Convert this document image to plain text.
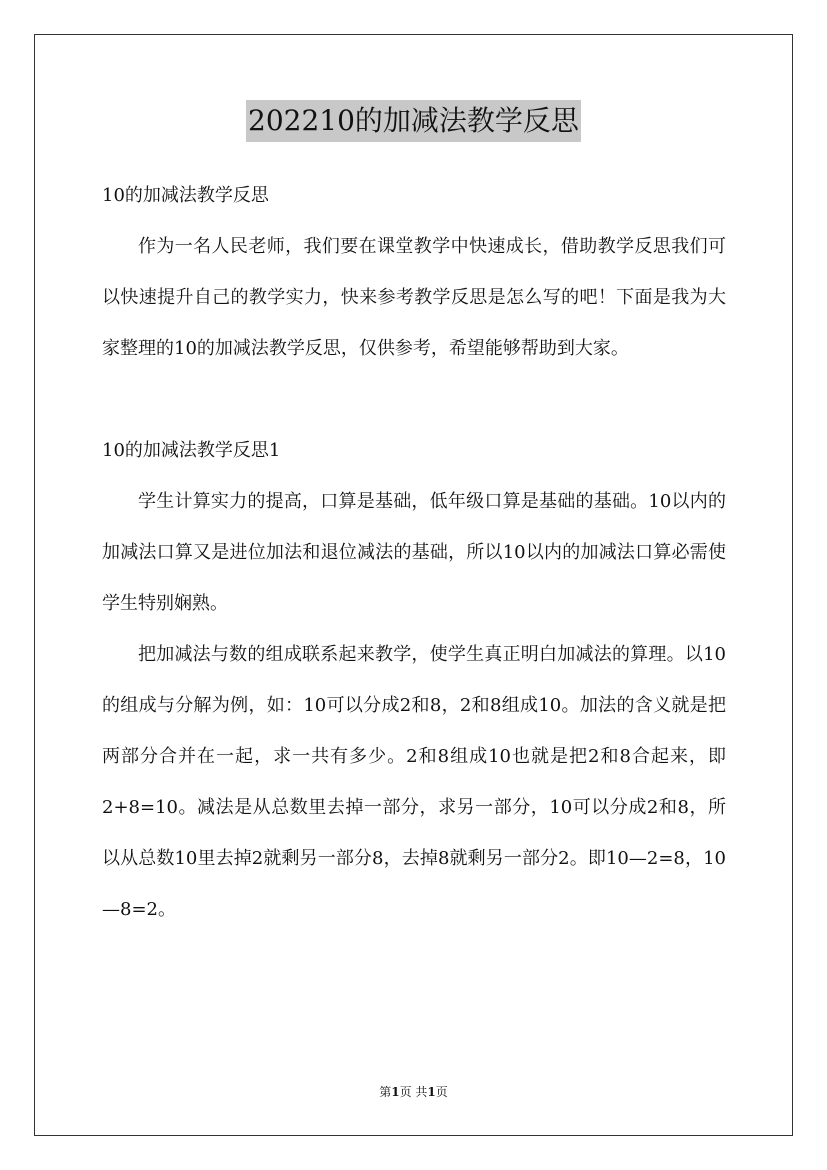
202210的加减法教学反思

10的加减法教学反思

作为一名人民老师，我们要在课堂教学中快速成长，借助教学反思我们可以快速提升自己的教学实力，快来参考教学反思是怎么写的吧！下面是我为大家整理的10的加减法教学反思，仅供参考，希望能够帮助到大家。

10的加减法教学反思1

学生计算实力的提高，口算是基础，低年级口算是基础的基础。10以内的加减法口算又是进位加法和退位减法的基础，所以10以内的加减法口算必需使学生特别娴熟。

把加减法与数的组成联系起来教学，使学生真正明白加减法的算理。以10的组成与分解为例，如：10可以分成2和8，2和8组成10。加法的含义就是把两部分合并在一起，求一共有多少。2和8组成10也就是把2和8合起来，即2+8=10。减法是从总数里去掉一部分，求另一部分，10可以分成2和8，所以从总数10里去掉2就剩另一部分8，去掉8就剩另一部分2。即10—2=8，10—8=2。

第1页 共1页
